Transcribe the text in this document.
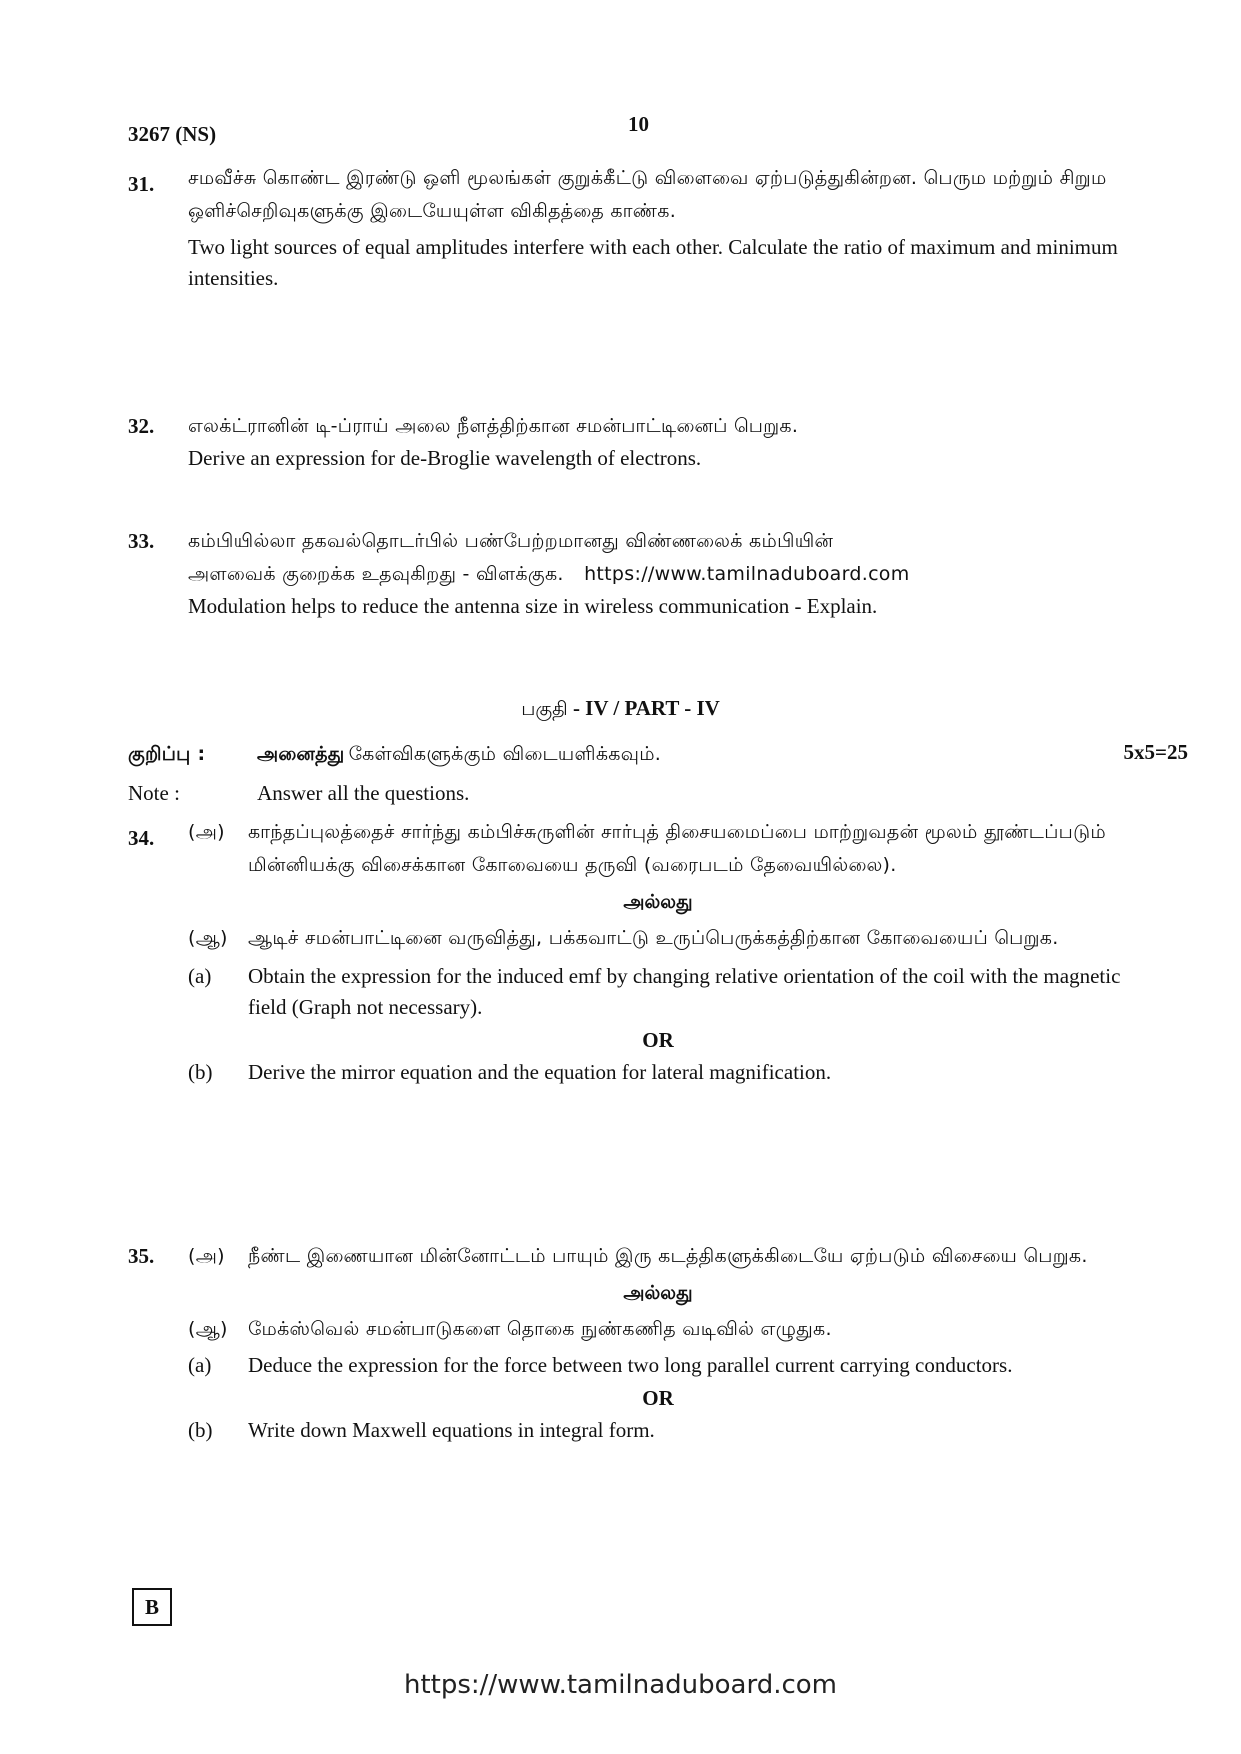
3267 (NS)	10
31. சமவீச்சு கொண்ட இரண்டு ஒளி மூலங்கள் குறுக்கீட்டு விளைவை ஏற்படுத்துகின்றன. பெரும மற்றும் சிறும ஒளிச்செறிவுகளுக்கு இடையேயுள்ள விகிதத்தை காண்க.
Two light sources of equal amplitudes interfere with each other. Calculate the ratio of maximum and minimum intensities.
32. எலக்ட்ரானின் டி-ப்ராய் அலை நீளத்திற்கான சமன்பாட்டினைப் பெறுக.
Derive an expression for de-Broglie wavelength of electrons.
33. கம்பியில்லா தகவல்தொடர்பில் பண்பேற்றமானது விண்ணலைக் கம்பியின்
அளவைக் குறைக்க உதவுகிறது - விளக்குக. https://www.tamilnaduboard.com
Modulation helps to reduce the antenna size in wireless communication - Explain.
பகுதி - IV / PART - IV
குறிப்பு :	அனைத்து கேள்விகளுக்கும் விடையளிக்கவும்.	5x5=25
Note :	Answer all the questions.
34. (அ) காந்தப்புலத்தைச் சார்ந்து கம்பிச்சுருளின் சார்புத் திசையமைப்பை மாற்றுவதன் மூலம் தூண்டப்படும் மின்னியக்கு விசைக்கான கோவையை தருவி (வரைபடம் தேவையில்லை).
அல்லது
(ஆ) ஆடிச் சமன்பாட்டினை வருவித்து, பக்கவாட்டு உருப்பெருக்கத்திற்கான கோவையைப் பெறுக.
(a) Obtain the expression for the induced emf by changing relative orientation of the coil with the magnetic field (Graph not necessary).
OR
(b) Derive the mirror equation and the equation for lateral magnification.
35. (அ) நீண்ட இணையான மின்னோட்டம் பாயும் இரு கடத்திகளுக்கிடையே ஏற்படும் விசையை பெறுக.
அல்லது
(ஆ) மேக்ஸ்வெல் சமன்பாடுகளை தொகை நுண்கணித வடிவில் எழுதுக.
(a) Deduce the expression for the force between two long parallel current carrying conductors.
OR
(b) Write down Maxwell equations in integral form.
B
https://www.tamilnaduboard.com
